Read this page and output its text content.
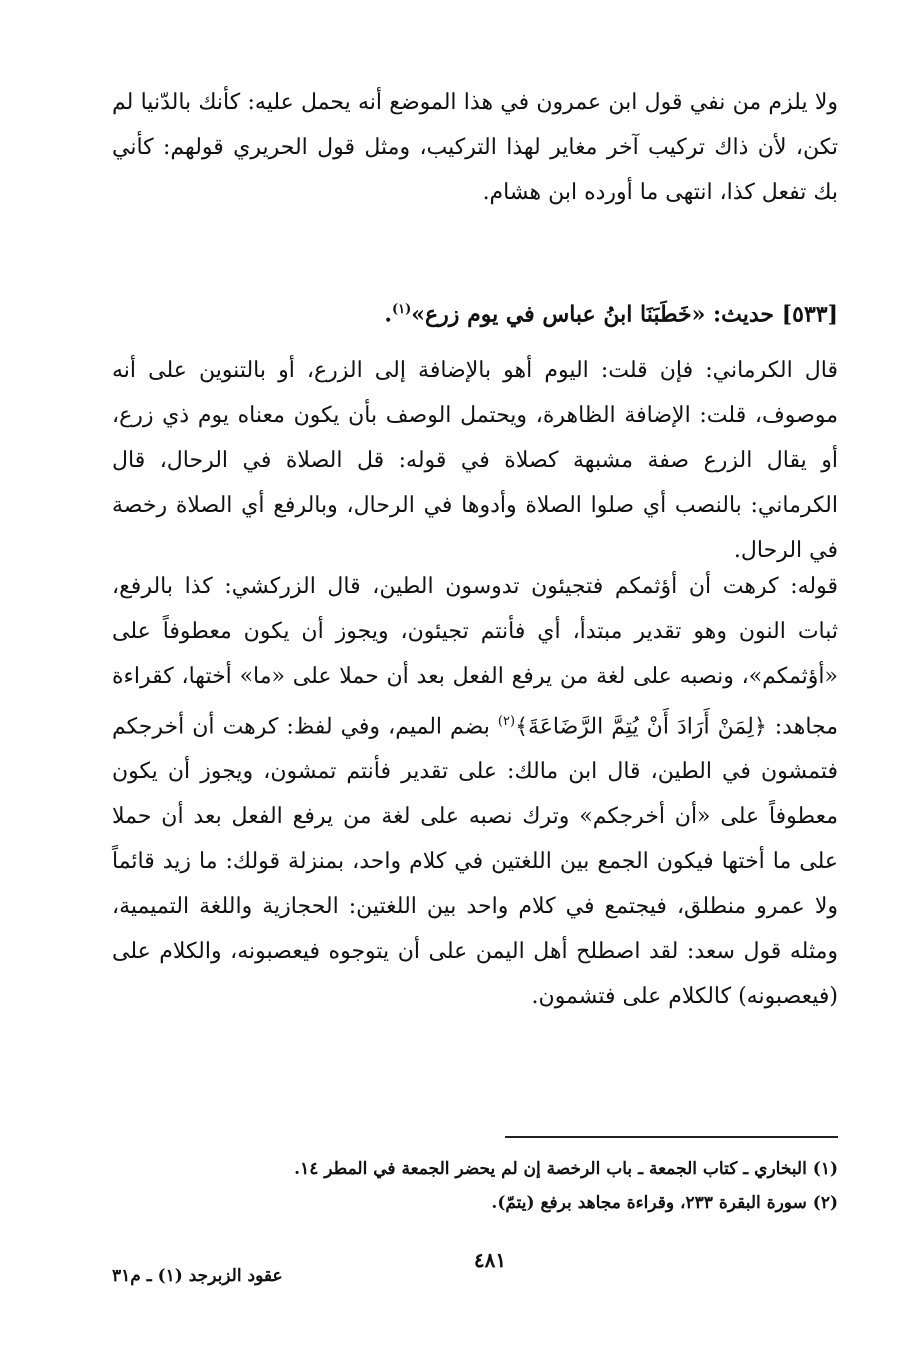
ولا يلزم من نفي قول ابن عمرون في هذا الموضع أنه يحمل عليه: كأنك بالدّنيا لم تكن، لأن ذاك تركيب آخر مغاير لهذا التركيب، ومثل قول الحريري قولهم: كأني بك تفعل كذا، انتهى ما أورده ابن هشام.

[٥٣٣] حديث: «خَطَبَنَا ابنُ عباس في يوم زرع»$^{(١)}$.

قال الكرماني: فإن قلت: اليوم أهو بالإضافة إلى الزرع، أو بالتنوين على أنه موصوف، قلت: الإضافة الظاهرة، ويحتمل الوصف بأن يكون معناه يوم ذي زرع، أو يقال الزرع صفة مشبهة كصلاة في قوله: قل الصلاة في الرحال، قال الكرماني: بالنصب أي صلوا الصلاة وأدوها في الرحال، وبالرفع أي الصلاة رخصة في الرحال.

قوله: كرهت أن أؤثمكم فتجيئون تدوسون الطين، قال الزركشي: كذا بالرفع، ثبات النون وهو تقدير مبتدأ، أي فأنتم تجيئون، ويجوز أن يكون معطوفاً على «أؤثمكم»، ونصبه على لغة من يرفع الفعل بعد أن حملا على «ما» أختها، كقراءة مجاهد: ﴿لِمَنْ أَرَادَ أَنْ يُتِمَّ الرَّضَاعَةَ﴾$^{(٢)}$ بضم الميم، وفي لفظ: كرهت أن أخرجكم فتمشون في الطين، قال ابن مالك: على تقدير فأنتم تمشون، ويجوز أن يكون معطوفاً على «أن أخرجكم» وترك نصبه على لغة من يرفع الفعل بعد أن حملا على ما أختها فيكون الجمع بين اللغتين في كلام واحد، بمنزلة قولك: ما زيد قائماً ولا عمرو منطلق، فيجتمع في كلام واحد بين اللغتين: الحجازية واللغة التميمية، ومثله قول سعد: لقد اصطلح أهل اليمن على أن يتوجوه فيعصبونه، والكلام على (فيعصبونه) كالكلام على فتشمون.

(١) البخاري ـ كتاب الجمعة ـ باب الرخصة إن لم يحضر الجمعة في المطر ١٤.

(٢) سورة البقرة ٢٣٣، وقراءة مجاهد برفع (يتمّ).

٤٨١
عقود الزبرجد (١) ـ م٣١
